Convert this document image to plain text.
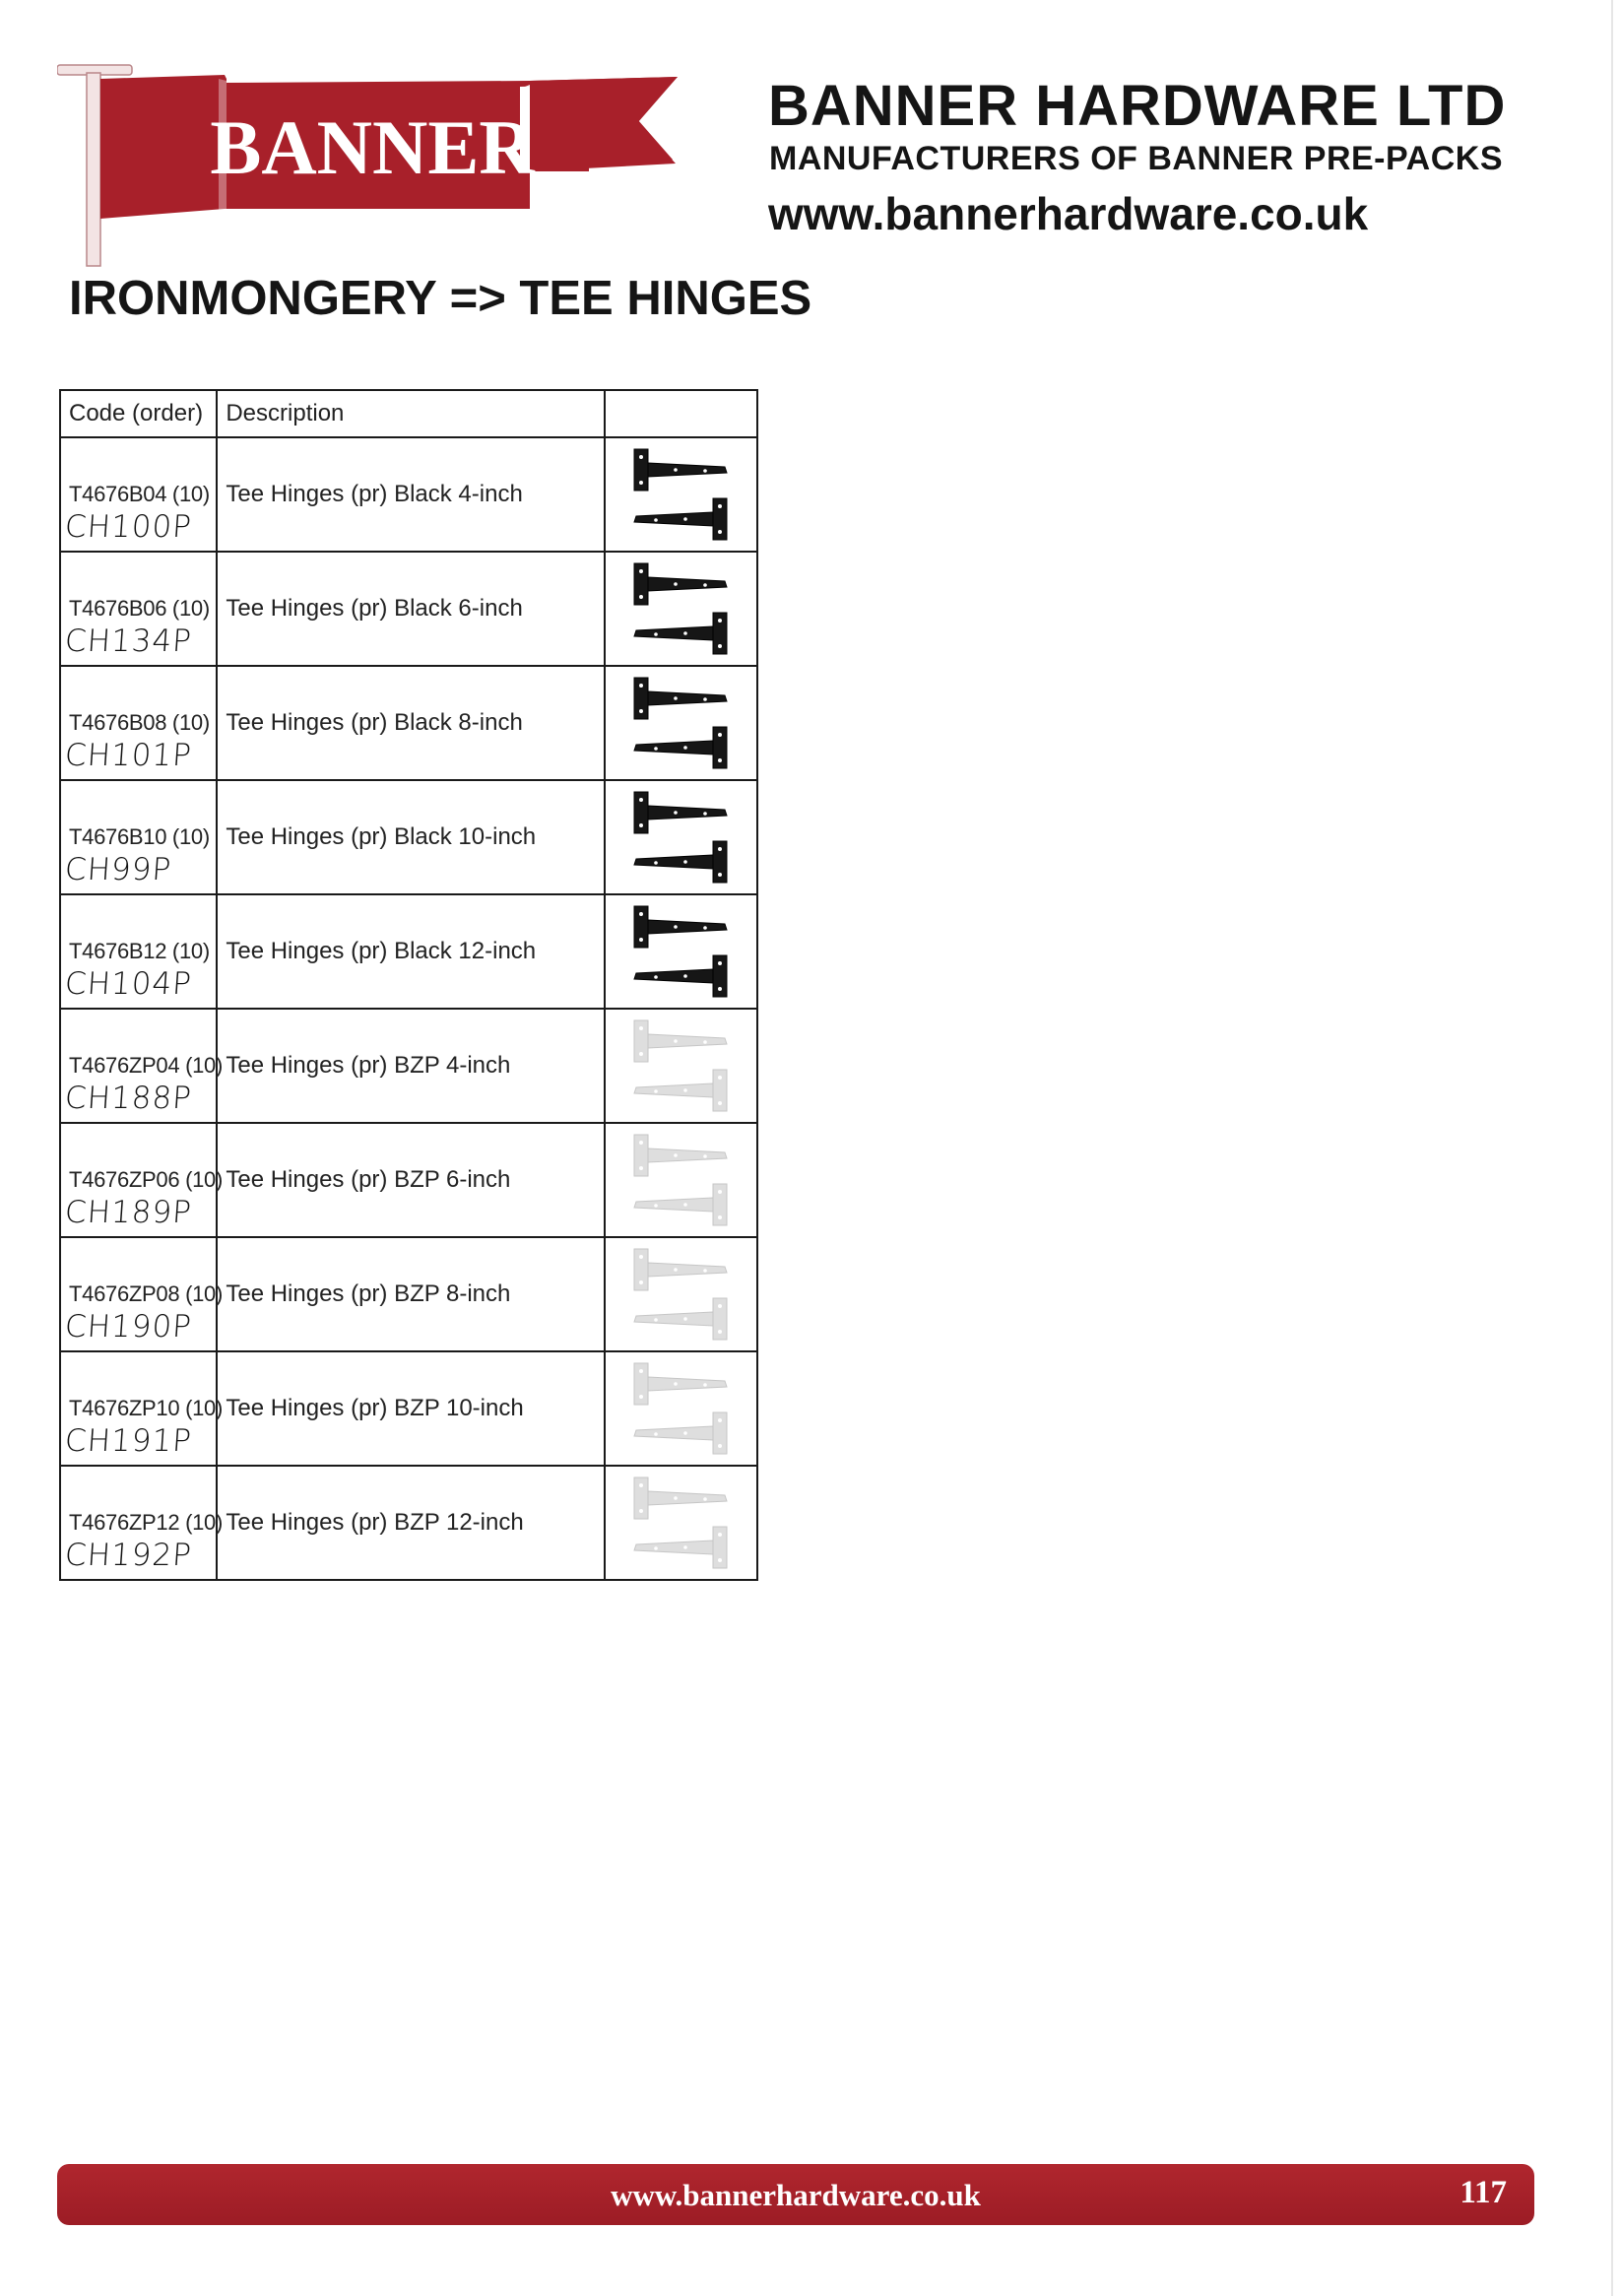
BANNER	BANNER HARDWARE LTD
MANUFACTURERS OF BANNER PRE-PACKS
www.bannerhardware.co.uk
IRONMONGERY => TEE HINGES
Code (order)	Description	

T4676B04 (10)
CH100P	Tee Hinges (pr) Black 4-inch	

T4676B06 (10)
CH134P	Tee Hinges (pr) Black 6-inch	

T4676B08 (10)
CH101P	Tee Hinges (pr) Black 8-inch	

T4676B10 (10)
CH99P	Tee Hinges (pr) Black 10-inch	

T4676B12 (10)
CH104P	Tee Hinges (pr) Black 12-inch	

T4676ZP04 (10)
CH188P	Tee Hinges (pr) BZP 4-inch	

T4676ZP06 (10)
CH189P	Tee Hinges (pr) BZP 6-inch	

T4676ZP08 (10)
CH190P	Tee Hinges (pr) BZP 8-inch	

T4676ZP10 (10)
CH191P	Tee Hinges (pr) BZP 10-inch	

T4676ZP12 (10)
CH192P	Tee Hinges (pr) BZP 12-inch	
www.bannerhardware.co.uk	117
